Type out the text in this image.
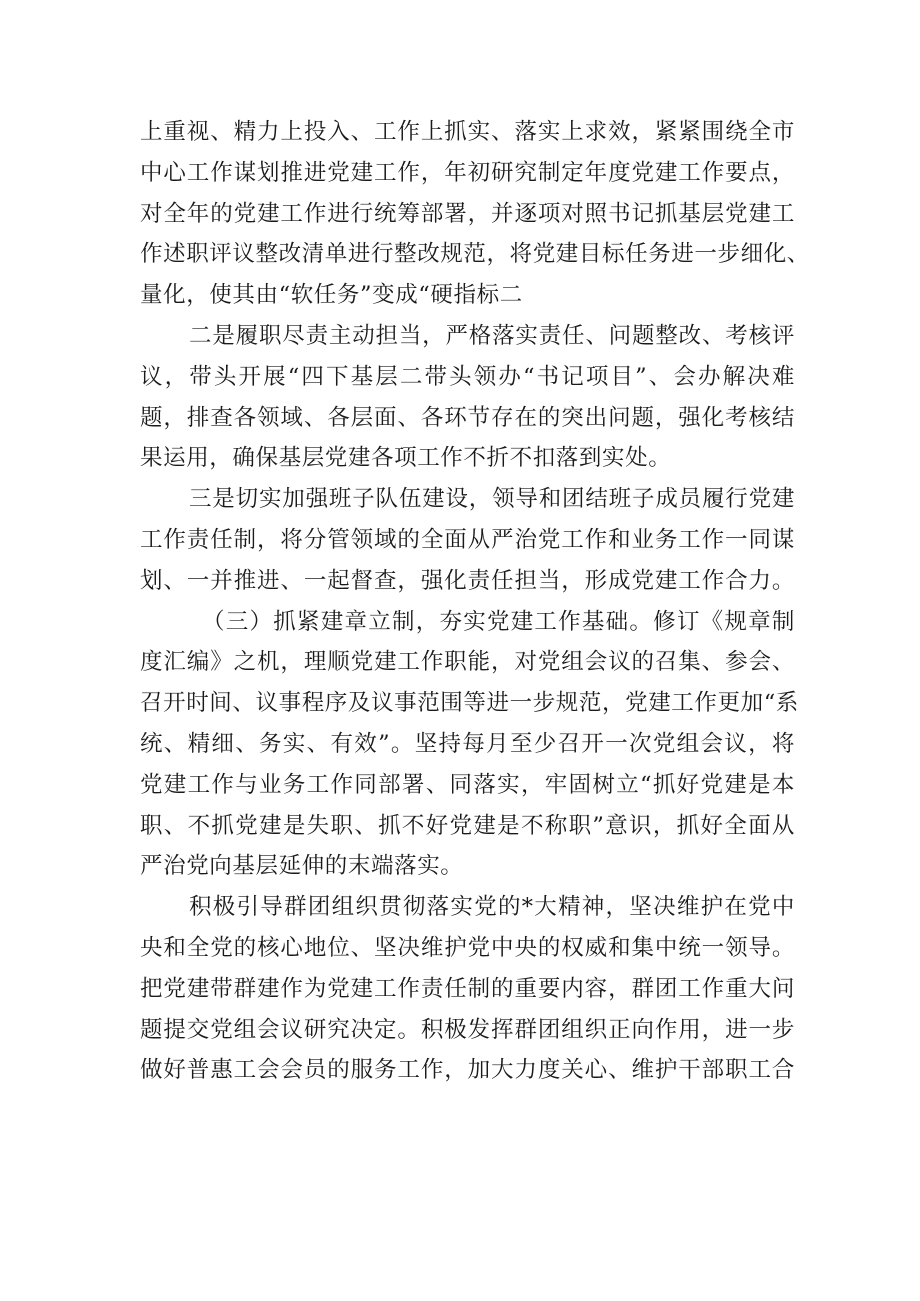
上重视、精力上投入、工作上抓实、落实上求效，紧紧围绕全市
中心工作谋划推进党建工作，年初研究制定年度党建工作要点，
对全年的党建工作进行统筹部署，并逐项对照书记抓基层党建工
作述职评议整改清单进行整改规范，将党建目标任务进一步细化、
量化，使其由“软任务”变成“硬指标二
二是履职尽责主动担当，严格落实责任、问题整改、考核评
议，带头开展“四下基层二带头领办“书记项目”、会办解决难
题，排查各领域、各层面、各环节存在的突出问题，强化考核结
果运用，确保基层党建各项工作不折不扣落到实处。
三是切实加强班子队伍建设，领导和团结班子成员履行党建
工作责任制，将分管领域的全面从严治党工作和业务工作一同谋
划、一并推进、一起督查，强化责任担当，形成党建工作合力。
（三）抓紧建章立制，夯实党建工作基础。修订《规章制
度汇编》之机，理顺党建工作职能，对党组会议的召集、参会、
召开时间、议事程序及议事范围等进一步规范，党建工作更加“系
统、精细、务实、有效”。坚持每月至少召开一次党组会议，将
党建工作与业务工作同部署、同落实，牢固树立“抓好党建是本
职、不抓党建是失职、抓不好党建是不称职”意识，抓好全面从
严治党向基层延伸的末端落实。
积极引导群团组织贯彻落实党的*大精神，坚决维护在党中
央和全党的核心地位、坚决维护党中央的权威和集中统一领导。
把党建带群建作为党建工作责任制的重要内容，群团工作重大问
题提交党组会议研究决定。积极发挥群团组织正向作用，进一步
做好普惠工会会员的服务工作，加大力度关心、维护干部职工合
